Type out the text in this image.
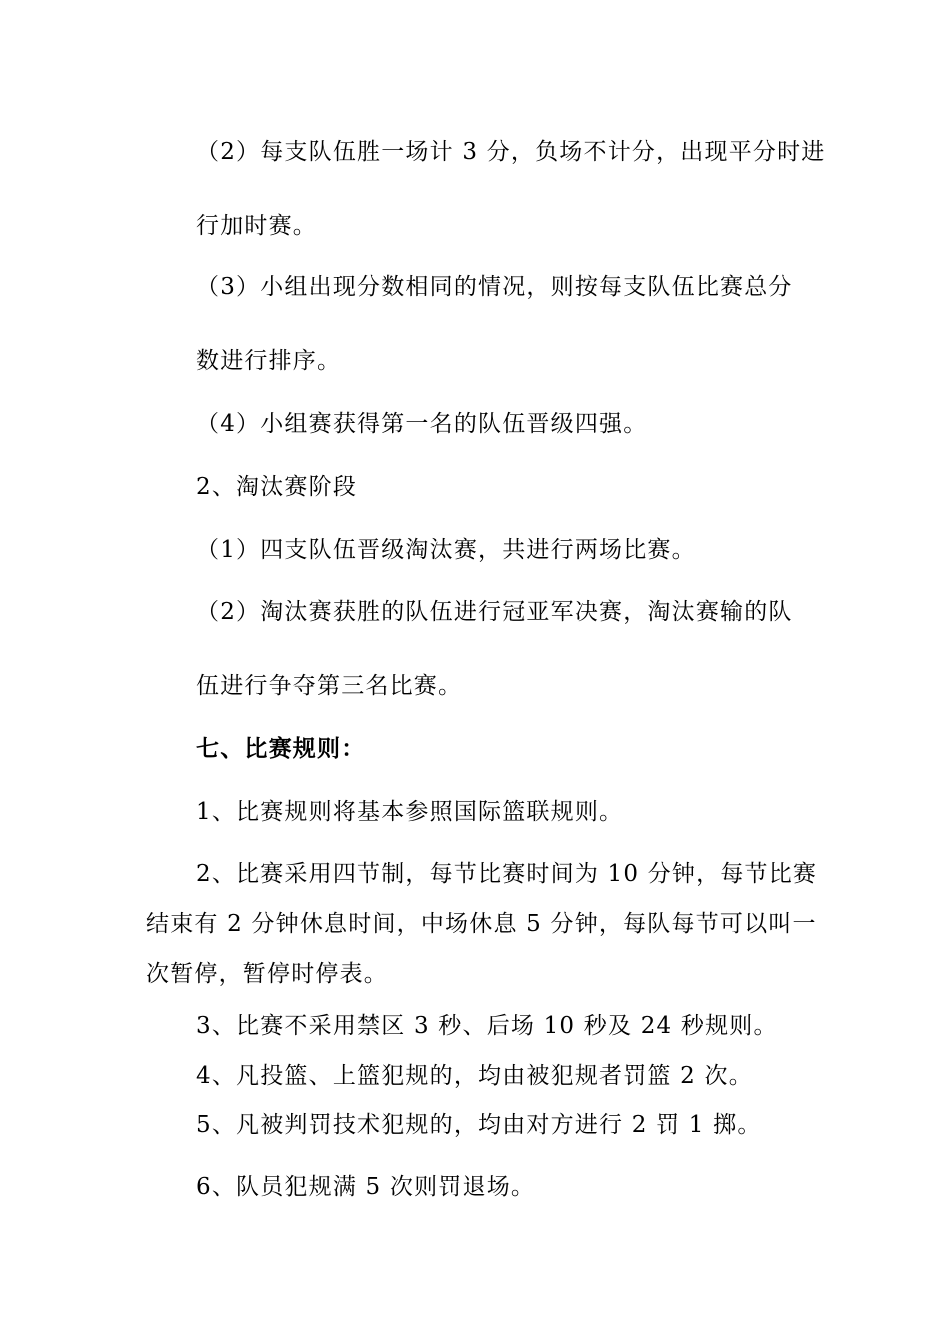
（2）每支队伍胜一场计 3 分，负场不计分，出现平分时进
行加时赛。
（3）小组出现分数相同的情况，则按每支队伍比赛总分
数进行排序。
（4）小组赛获得第一名的队伍晋级四强。
2、淘汰赛阶段
（1）四支队伍晋级淘汰赛，共进行两场比赛。
（2）淘汰赛获胜的队伍进行冠亚军决赛，淘汰赛输的队
伍进行争夺第三名比赛。
七、比赛规则：
1、比赛规则将基本参照国际篮联规则。
2、比赛采用四节制，每节比赛时间为 10 分钟，每节比赛
结束有 2 分钟休息时间，中场休息 5 分钟，每队每节可以叫一
次暂停，暂停时停表。
3、比赛不采用禁区 3 秒、后场 10 秒及 24 秒规则。
4、凡投篮、上篮犯规的，均由被犯规者罚篮 2 次。
5、凡被判罚技术犯规的，均由对方进行 2 罚 1 掷。
6、队员犯规满 5 次则罚退场。
